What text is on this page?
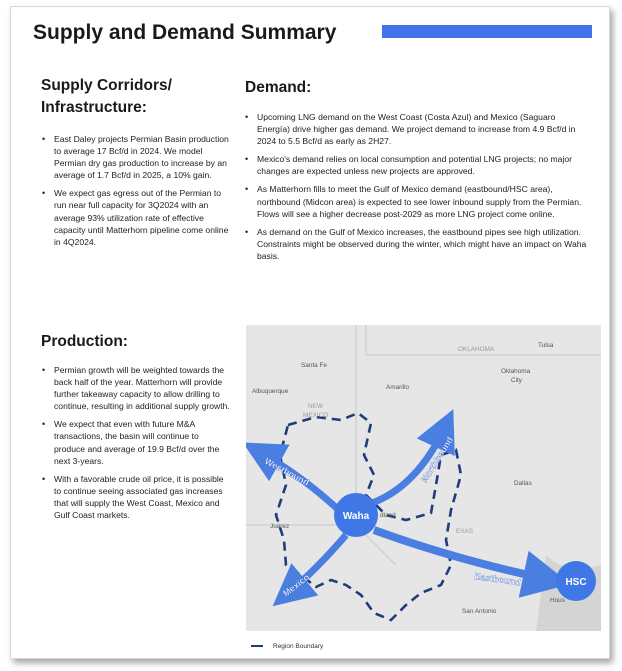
Supply and Demand Summary
Supply Corridors/
Infrastructure:
• East Daley projects Permian Basin production to average 17 Bcf/d in 2024. We model Permian dry gas production to increase by an average of 1.7 Bcf/d in 2025, a 10% gain.
• We expect gas egress out of the Permian to run near full capacity for 3Q2024 with an average 93% utilization rate of effective capacity until Matterhorn pipeline come online in 4Q2024.
Demand:
• Upcoming LNG demand on the West Coast (Costa Azul) and Mexico (Saguaro Energía) drive higher gas demand. We project demand to increase from 4.9 Bcf/d in 2024 to 5.5 Bcf/d as early as 2H27.
• Mexico's demand relies on local consumption and potential LNG projects; no major changes are expected unless new projects are approved.
• As Matterhorn fills to meet the Gulf of Mexico demand (eastbound/HSC area), northbound (Midcon area) is expected to see lower inbound supply from the Permian. Flows will see a higher decrease post-2029 as more LNG project come online.
• As demand on the Gulf of Mexico increases, the eastbound pipes see high utilization. Constraints might be observed during the winter, which might have an impact on Waha basis.
Production:
• Permian growth will be weighted towards the back half of the year. Matterhorn will provide further takeaway capacity to allow drilling to continue, resulting in additional supply growth.
• We expect that even with future M&A transactions, the basin will continue to produce and average of 19.9 Bcf/d over the next 3-years.
• With a favorable crude oil price, it is possible to continue seeing associated gas increases that will supply the West Coast, Mexico and Gulf Coast markets.
Santa Fe
Albuquerque
NEW
MEXICO
Amarillo
OKLAHOMA
Oklahoma
City
Tulsa
Dallas
Juárez
dland
EXAS
San Antonio
Hous
Waha
HSC
Westbound	Northbound
Eastbound
Mexico
Region Boundary
